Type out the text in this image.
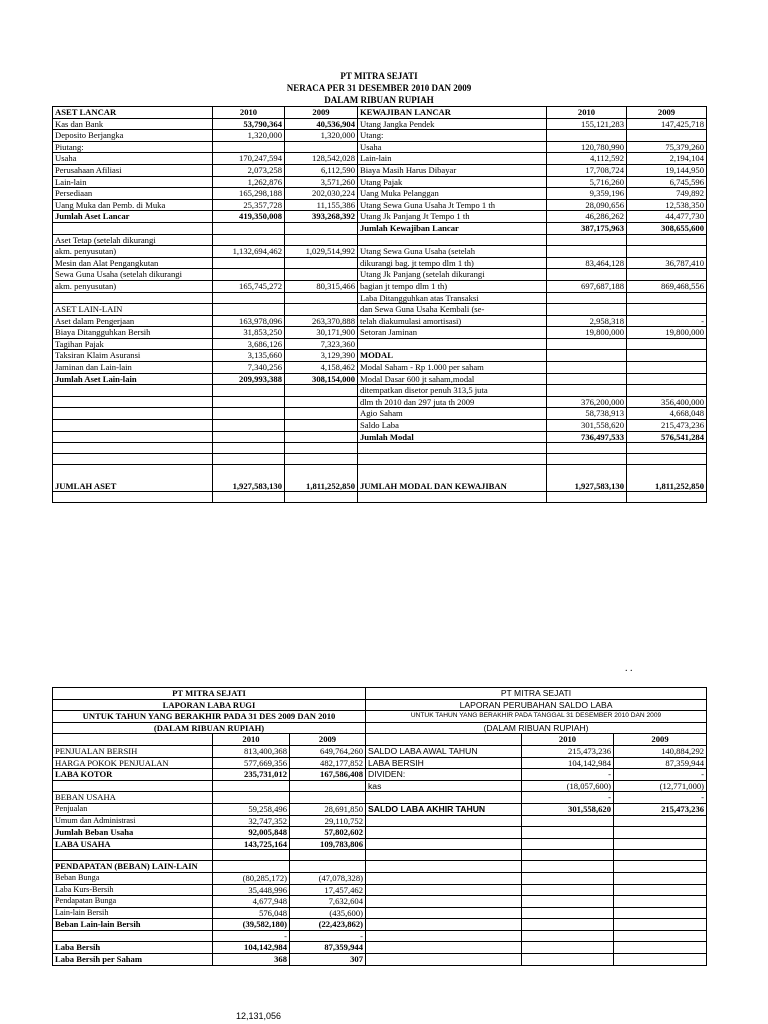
PT MITRA SEJATI
NERACA PER 31 DESEMBER 2010 DAN 2009
DALAM RIBUAN RUPIAH
ASET LANCAR	2010	2009	KEWAJIBAN LANCAR	2010	2009
Kas dan Bank	53,790,364	40,536,904	Utang Jangka Pendek	155,121,283	147,425,718
Deposito Berjangka	1,320,000	1,320,000	Utang:		
Piutang:			Usaha	120,780,990	75,379,260
Usaha	170,247,594	128,542,028	Lain-lain	4,112,592	2,194,104
Perusahaan Afiliasi	2,073,258	6,112,590	Biaya Masih Harus Dibayar	17,708,724	19,144,950
Lain-lain	1,262,876	3,571,260	Utang Pajak	5,716,260	6,745,596
Persediaan	165,298,188	202,030,224	Uang Muka Pelanggan	9,359,196	749,892
Uang Muka dan Pemb. di Muka	25,357,728	11,155,386	Utang Sewa Guna Usaha Jt Tempo 1 th	28,090,656	12,538,350
Jumlah Aset Lancar	419,350,008	393,268,392	Utang Jk Panjang Jt Tempo 1 th	46,286,262	44,477,730
			Jumlah Kewajiban Lancar	387,175,963	308,655,600
Aset Tetap (setelah dikurangi					
akm. penyusutan)	1,132,694,462	1,029,514,992	Utang Sewa Guna Usaha (setelah		
Mesin dan Alat Pengangkutan			dikurangi bag. jt tempo dlm 1 th)	83,464,128	36,787,410
Sewa Guna Usaha (setelah dikurangi			Utang Jk Panjang (setelah dikurangi		
akm. penyusutan)	165,745,272	80,315,466	bagian jt tempo dlm 1 th)	697,687,188	869,468,556
			Laba Ditangguhkan atas Transaksi		
ASET LAIN-LAIN			dan Sewa Guna Usaha Kembali (se-		
Aset dalam Pengerjaan	163,978,096	263,370,888	telah diakumulasi amortisasi)	2,958,318	-
Biaya Ditangguhkan Bersih	31,853,250	30,171,900	Setoran Jaminan	19,800,000	19,800,000
Tagihan Pajak	3,686,126	7,323,360			
Taksiran Klaim Asuransi	3,135,660	3,129,390	MODAL		
Jaminan dan Lain-lain	7,340,256	4,158,462	Modal Saham - Rp 1.000 per saham		
Jumlah Aset Lain-lain	209,993,388	308,154,000	Modal Dasar 600 jt saham,modal		
			ditempatkan disetor penuh 313,5 juta		
			dlm th 2010 dan 297 juta th 2009	376,200,000	356,400,000
			Agio Saham	58,738,913	4,668,048
			Saldo Laba	301,558,620	215,473,236
			Jumlah Modal	736,497,533	576,541,284

JUMLAH ASET	1,927,583,130	1,811,252,850	JUMLAH MODAL DAN KEWAJIBAN	1,927,583,130	1,811,252,850

. .
PT MITRA SEJATI			PT MITRA SEJATI		
LAPORAN LABA RUGI			LAPORAN PERUBAHAN SALDO LABA		
UNTUK TAHUN YANG BERAKHIR PADA 31 DES 2009 DAN 2010			UNTUK TAHUN YANG BERAKHIR PADA TANGGAL 31 DESEMBER 2010 DAN 2009		
(DALAM RIBUAN RUPIAH)			(DALAM RIBUAN RUPIAH)		
	2010	2009		2010	2009
PENJUALAN BERSIH	813,400,368	649,764,260	SALDO LABA AWAL TAHUN	215,473,236	140,884,292
HARGA POKOK PENJUALAN	577,669,356	482,177,852	LABA BERSIH	104,142,984	87,359,944
LABA KOTOR	235,731,012	167,586,408	DIVIDEN:	-	-
			kas	(18,057,600)	(12,771,000)
BEBAN USAHA				-	-
Penjualan	59,258,496	28,691,850	SALDO LABA AKHIR TAHUN	301,558,620	215,473,236
Umum dan Administrasi	32,747,352	29,110,752			
Jumlah Beban Usaha	92,005,848	57,802,602			
LABA USAHA	143,725,164	109,783,806			

PENDAPATAN (BEBAN) LAIN-LAIN					
Beban Bunga	(80,285,172)	(47,078,328)			
Laba Kurs-Bersih	35,448,996	17,457,462			
Pendapatan Bunga	4,677,948	7,632,604			
Lain-lain Bersih	576,048	(435,600)			
Beban Lain-lain Bersih	(39,582,180)	(22,423,862)			
	-	-			
Laba Bersih	104,142,984	87,359,944			
Laba Bersih per Saham	368	307			
12,131,056
